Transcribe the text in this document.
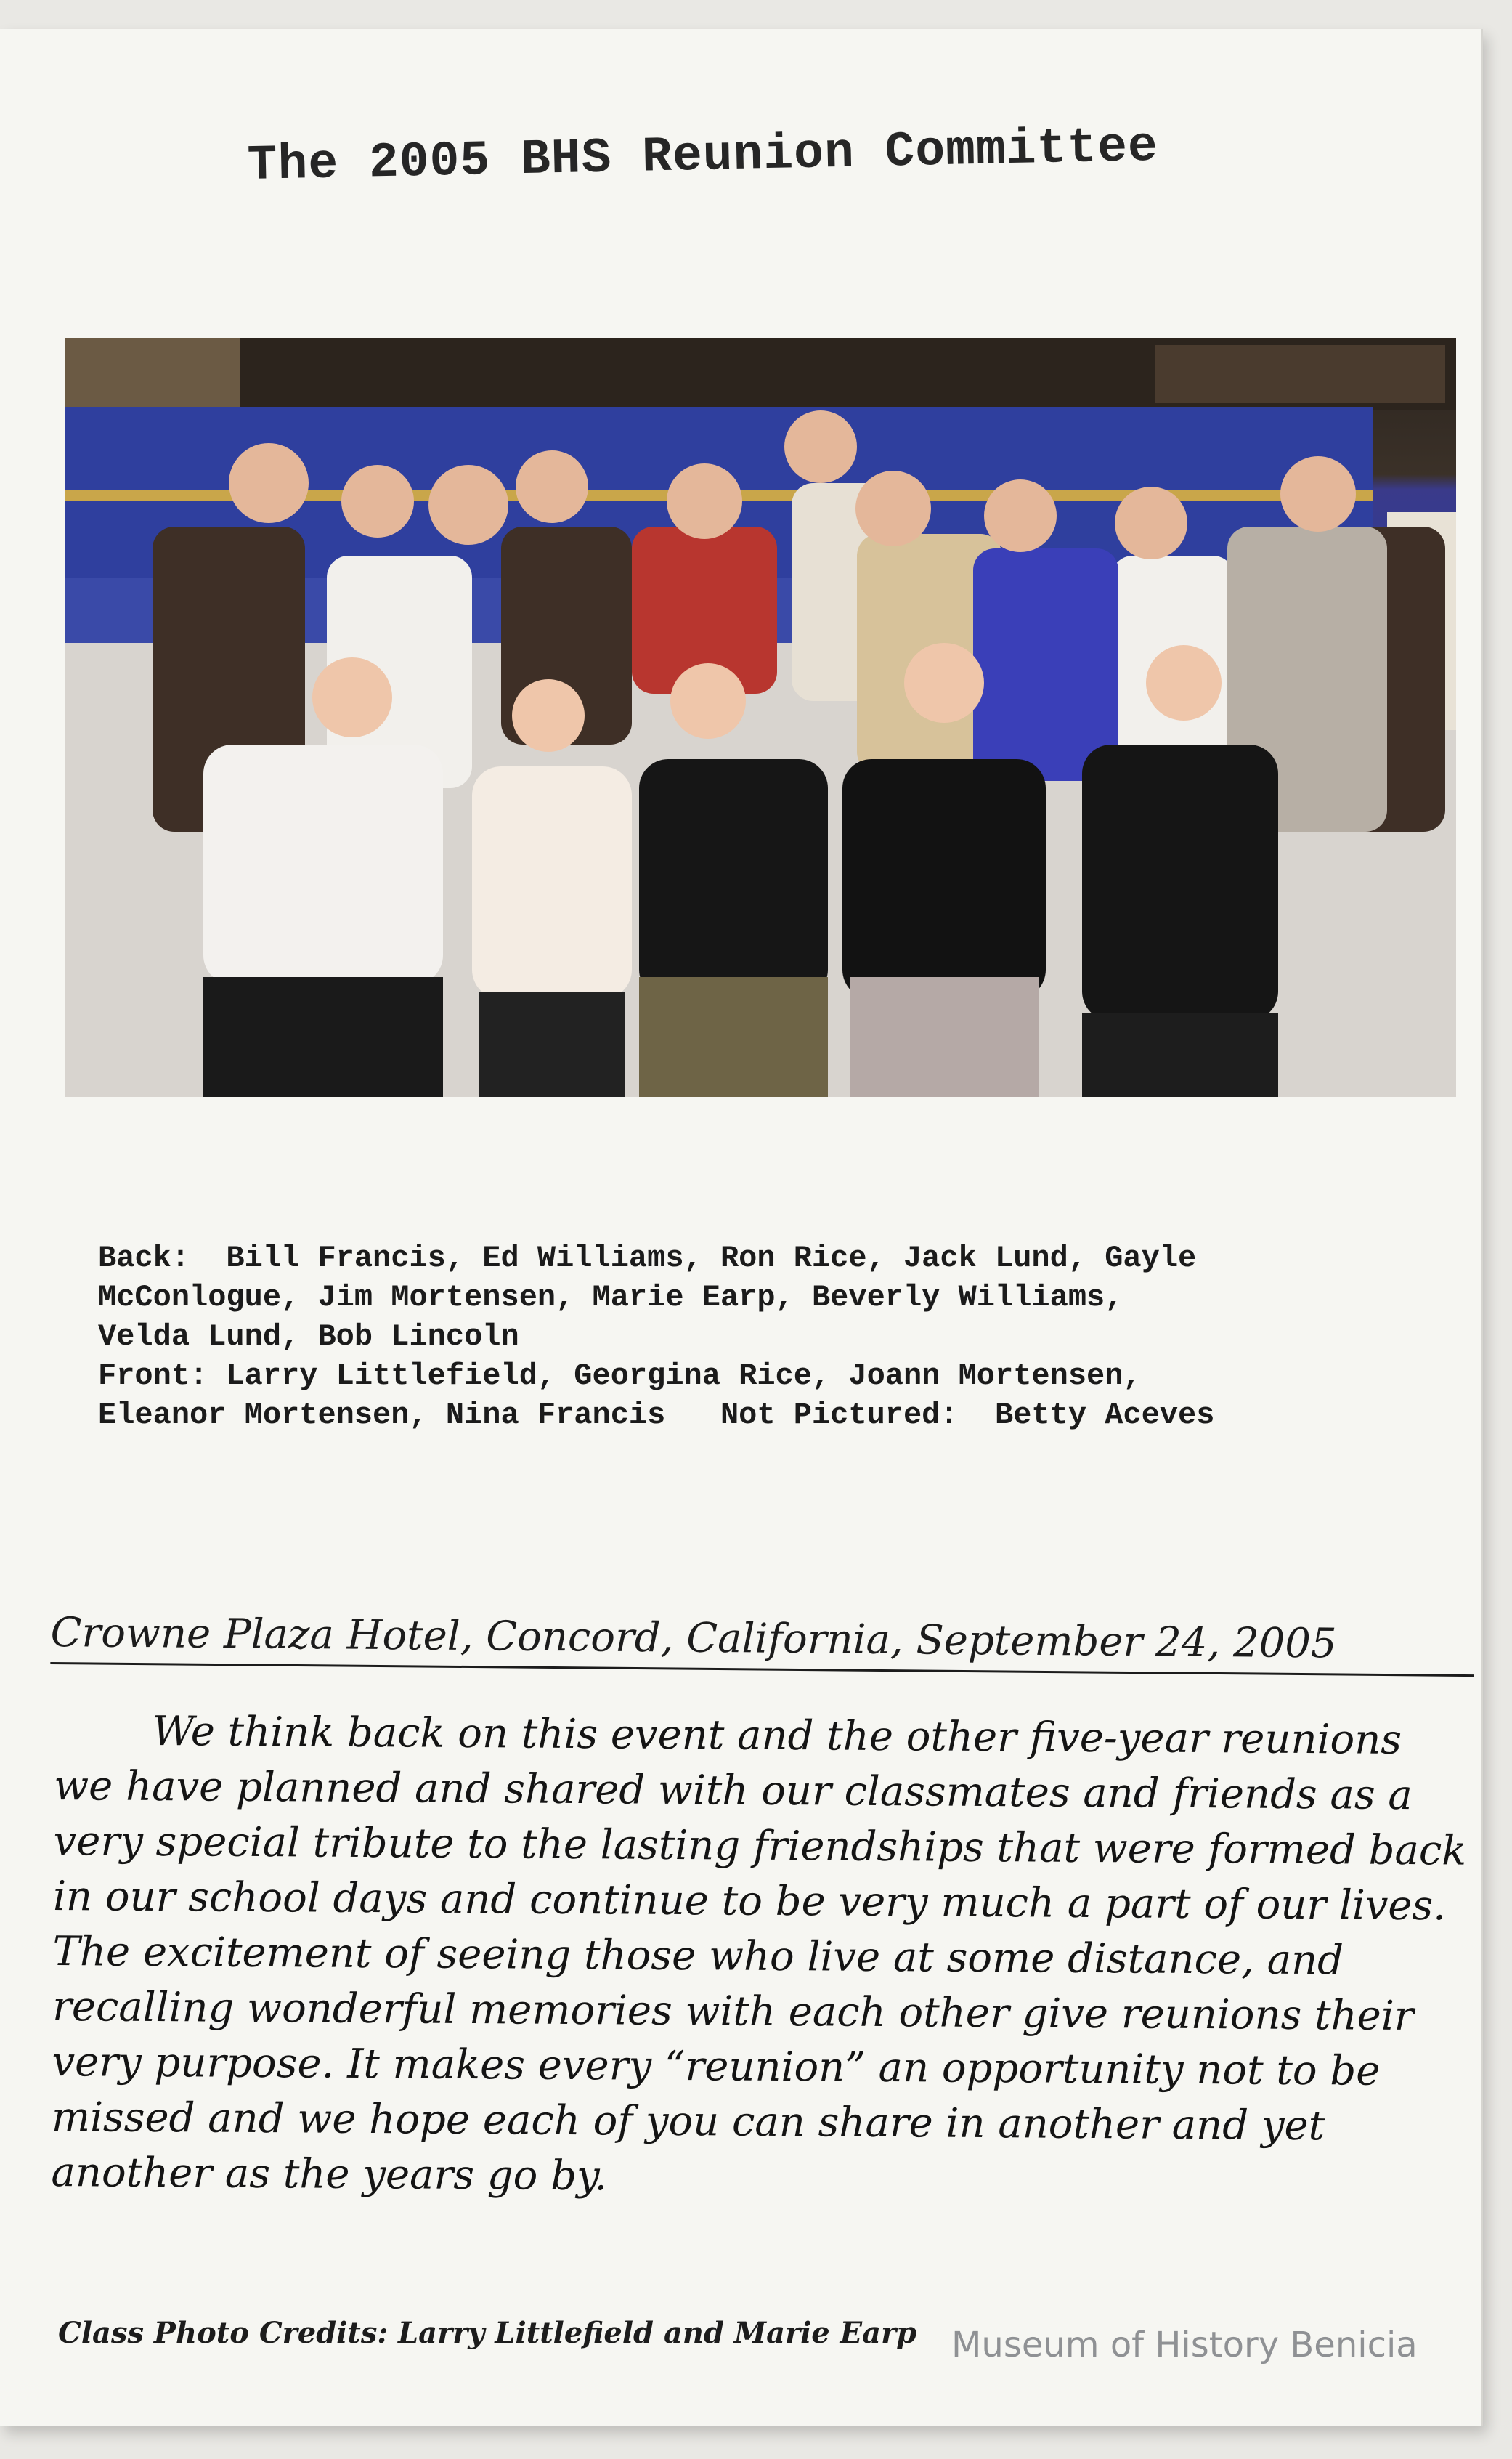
The 2005 BHS Reunion Committee
Back:  Bill Francis, Ed Williams, Ron Rice, Jack Lund, Gayle
McConlogue, Jim Mortensen, Marie Earp, Beverly Williams,
Velda Lund, Bob Lincoln
Front: Larry Littlefield, Georgina Rice, Joann Mortensen,
Eleanor Mortensen, Nina Francis   Not Pictured:  Betty Aceves
Crowne Plaza Hotel, Concord, California, September 24, 2005
We think back on this event and the other five-year reunions we have planned and shared with our classmates and friends as a very special tribute to the lasting friendships that were formed back in our school days and continue to be very much a part of our lives. The excitement of seeing those who live at some distance, and recalling wonderful memories with each other give reunions their very purpose. It makes every “reunion” an opportunity not to be missed and we hope each of you can share in another and yet another as the years go by.
Class Photo Credits: Larry Littlefield and Marie Earp Museum of History Benicia
